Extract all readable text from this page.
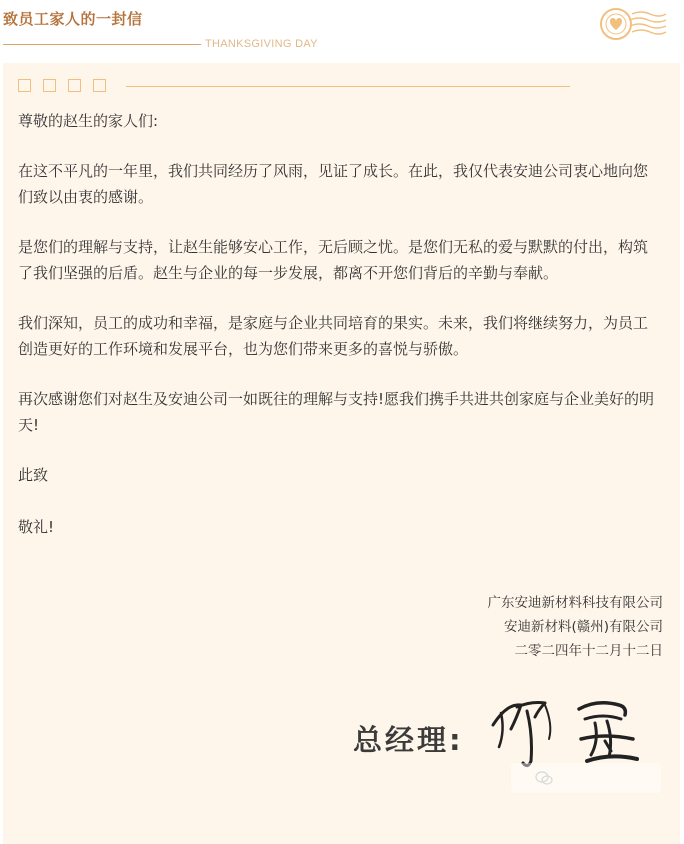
致员工家人的一封信
THANKSGIVING DAY

尊敬的赵生的家人们:

在这不平凡的一年里，我们共同经历了风雨，见证了成长。在此，我仅代表安迪公司衷心地向您们致以由衷的感谢。

是您们的理解与支持，让赵生能够安心工作，无后顾之忧。是您们无私的爱与默默的付出，构筑了我们坚强的后盾。赵生与企业的每一步发展，都离不开您们背后的辛勤与奉献。

我们深知，员工的成功和幸福，是家庭与企业共同培育的果实。未来，我们将继续努力，为员工创造更好的工作环境和发展平台，也为您们带来更多的喜悦与骄傲。

再次感谢您们对赵生及安迪公司一如既往的理解与支持!愿我们携手共进共创家庭与企业美好的明天!

此致

敬礼!

广东安迪新材料科技有限公司
安迪新材料(赣州)有限公司
二零二四年十二月十二日
总经理:
